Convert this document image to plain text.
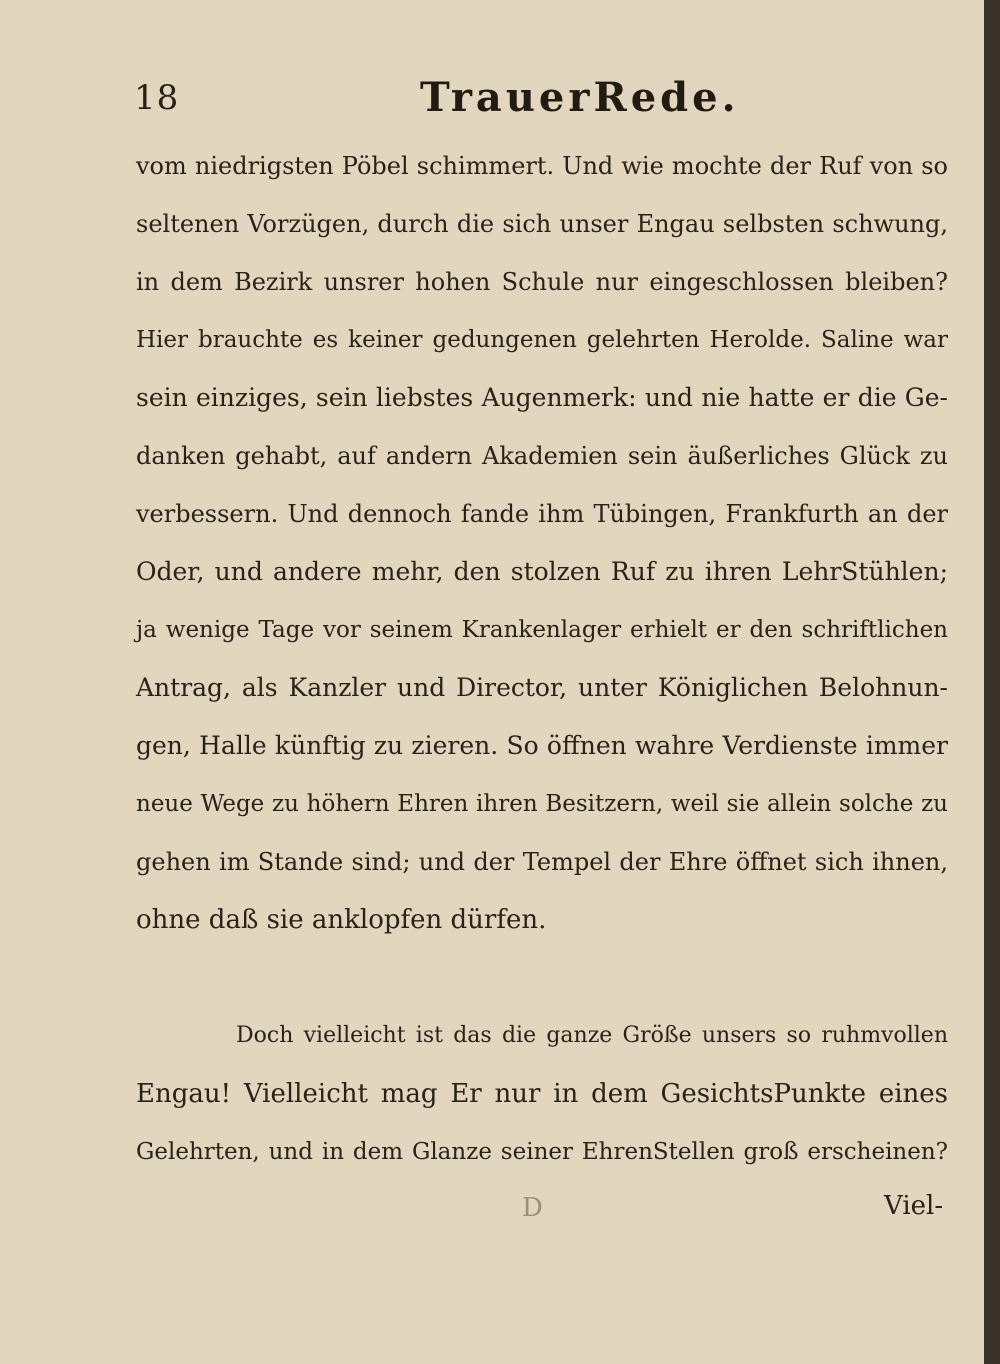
18	TrauerRede.

vom niedrigsten Pöbel schimmert. Und wie mochte der Ruf von so

seltenen Vorzügen, durch die sich unser Engau selbsten schwung,

in dem Bezirk unsrer hohen Schule nur eingeschlossen bleiben?

Hier brauchte es keiner gedungenen gelehrten Herolde. Saline war

sein einziges, sein liebstes Augenmerk: und nie hatte er die Ge-

danken gehabt, auf andern Akademien sein äußerliches Glück zu

verbessern. Und dennoch fande ihm Tübingen, Frankfurth an der

Oder, und andere mehr, den stolzen Ruf zu ihren LehrStühlen;

ja wenige Tage vor seinem Krankenlager erhielt er den schriftlichen

Antrag, als Kanzler und Director, unter Königlichen Belohnun-

gen, Halle künftig zu zieren. So öffnen wahre Verdienste immer

neue Wege zu höhern Ehren ihren Besitzern, weil sie allein solche zu

gehen im Stande sind; und der Tempel der Ehre öffnet sich ihnen,

ohne daß sie anklopfen dürfen.

Doch vielleicht ist das die ganze Größe unsers so ruhmvollen

Engau! Vielleicht mag Er nur in dem GesichtsPunkte eines

Gelehrten, und in dem Glanze seiner EhrenStellen groß erscheinen?

D	Viel-
